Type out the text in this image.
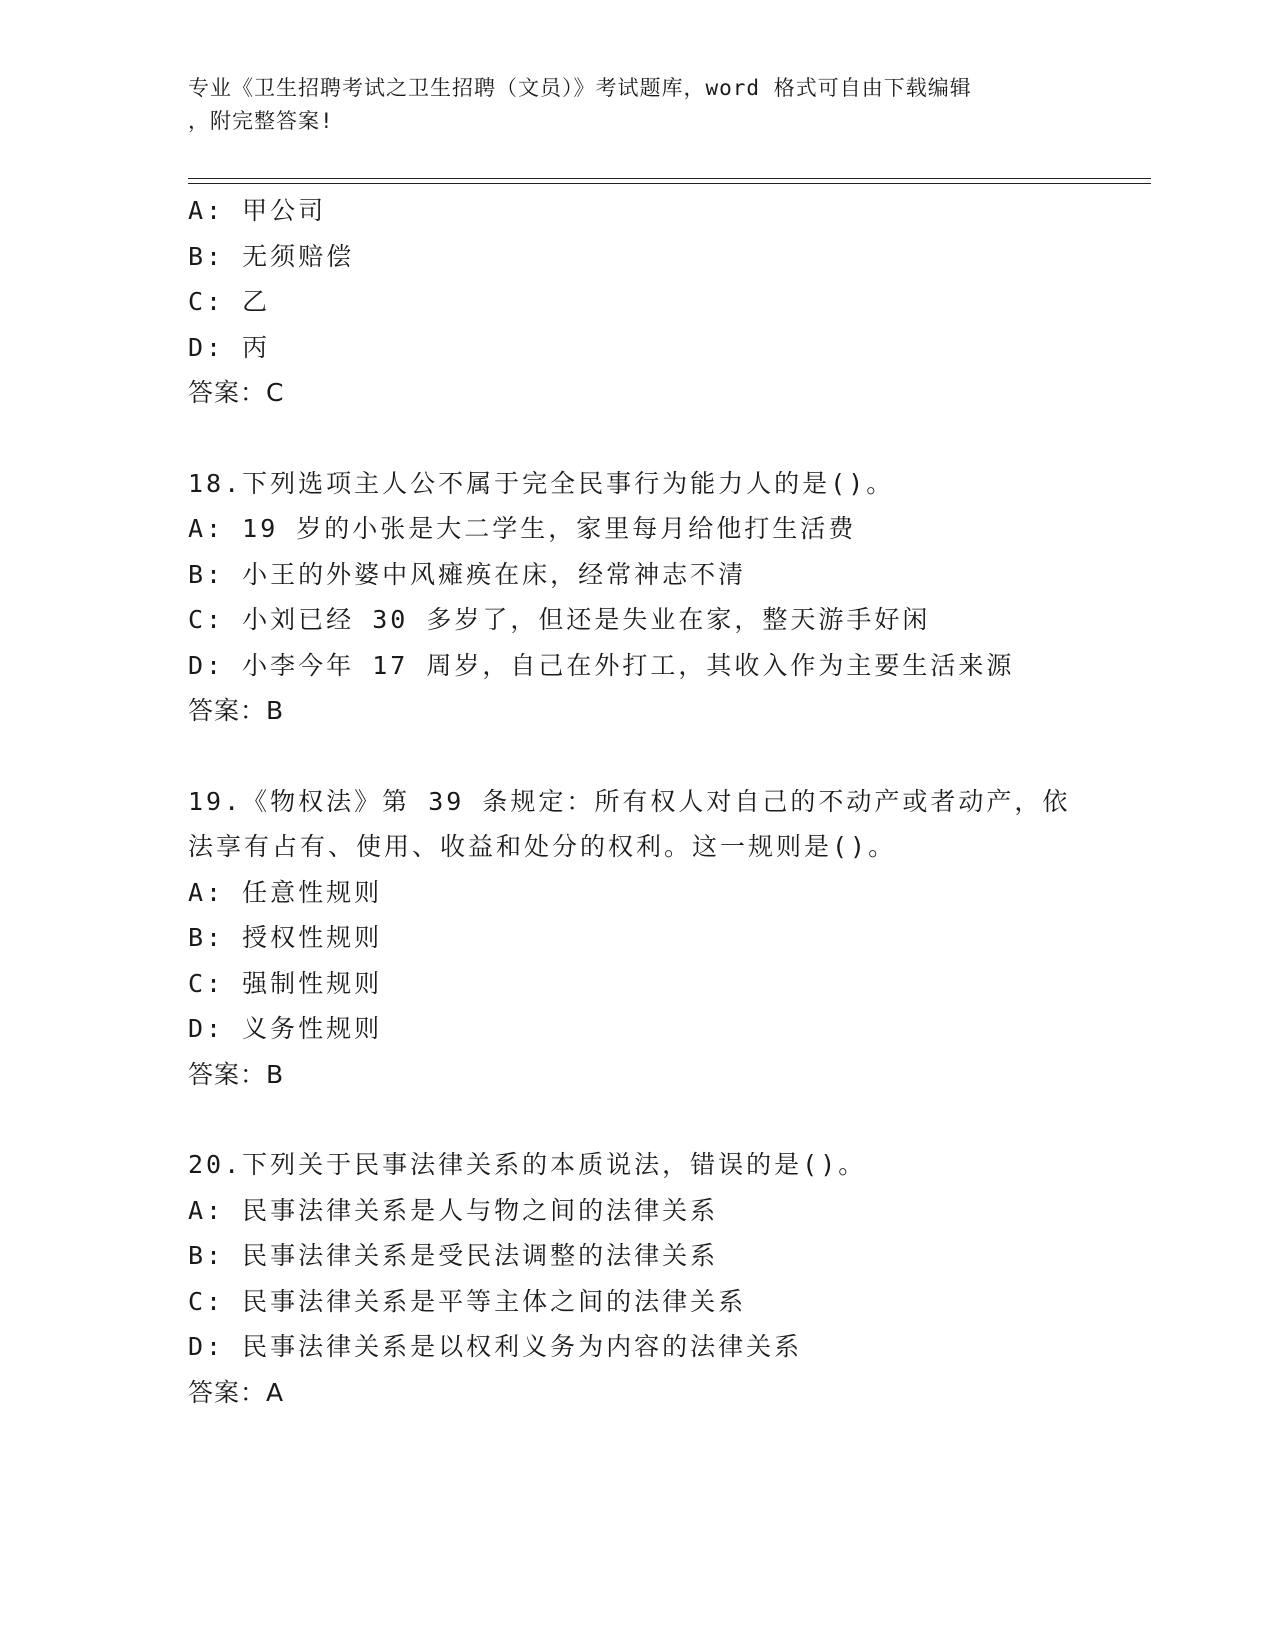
专业《卫生招聘考试之卫生招聘（文员）》考试题库，word 格式可自由下载编辑
，附完整答案!
A: 甲公司
B: 无须赔偿
C: 乙
D: 丙
答案：C
18.下列选项主人公不属于完全民事行为能力人的是()。
A: 19 岁的小张是大二学生，家里每月给他打生活费
B: 小王的外婆中风瘫痪在床，经常神志不清
C: 小刘已经 30 多岁了，但还是失业在家，整天游手好闲
D: 小李今年 17 周岁，自己在外打工，其收入作为主要生活来源
答案：B
19.《物权法》第 39 条规定：所有权人对自己的不动产或者动产，依
法享有占有、使用、收益和处分的权利。这一规则是()。
A: 任意性规则
B: 授权性规则
C: 强制性规则
D: 义务性规则
答案：B
20.下列关于民事法律关系的本质说法，错误的是()。
A: 民事法律关系是人与物之间的法律关系
B: 民事法律关系是受民法调整的法律关系
C: 民事法律关系是平等主体之间的法律关系
D: 民事法律关系是以权利义务为内容的法律关系
答案：A
